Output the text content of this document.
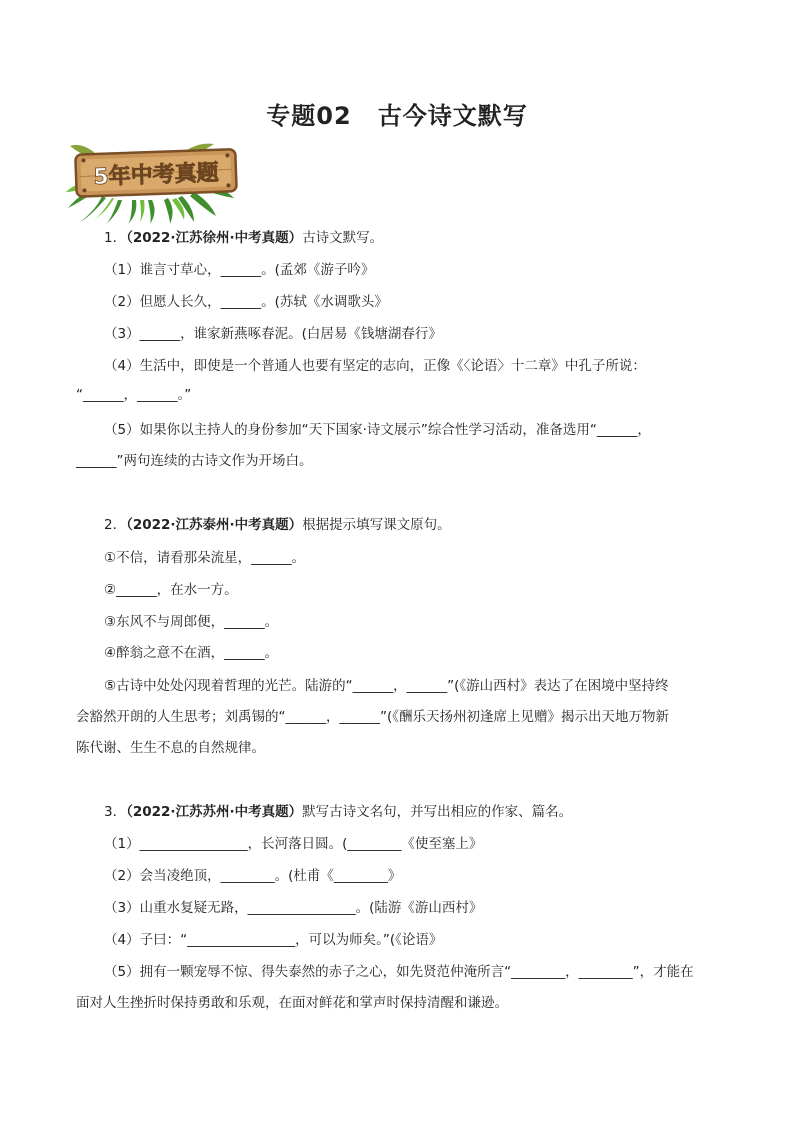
专题02 古今诗文默写
5年中考真题
1．（2022·江苏徐州·中考真题）古诗文默写。
（1）谁言寸草心，______。(孟郊《游子吟》
（2）但愿人长久，______。(苏轼《水调歌头》
（3）______，谁家新燕啄春泥。(白居易《钱塘湖春行》
（4）生活中，即使是一个普通人也要有坚定的志向，正像《〈论语〉十二章》中孔子所说：
“______，______。”
（5）如果你以主持人的身份参加“天下国家·诗文展示”综合性学习活动，准备选用“______，
______”两句连续的古诗文作为开场白。
2．（2022·江苏泰州·中考真题）根据提示填写课文原句。
①不信，请看那朵流星，______。
②______，在水一方。
③东风不与周郎便，______。
④醉翁之意不在酒，______。
⑤古诗中处处闪现着哲理的光芒。陆游的“______，______”(《游山西村》表达了在困境中坚持终
会豁然开朗的人生思考；刘禹锡的“______，______”(《酬乐天扬州初逢席上见赠》揭示出天地万物新
陈代谢、生生不息的自然规律。
3．（2022·江苏苏州·中考真题）默写古诗文名句，并写出相应的作家、篇名。
（1）________________，长河落日圆。(________《使至塞上》
（2）会当凌绝顶，________。(杜甫《________》
（3）山重水复疑无路，________________。(陆游《游山西村》
（4）子曰：“________________，可以为师矣。”(《论语》
（5）拥有一颗宠辱不惊、得失泰然的赤子之心，如先贤范仲淹所言“________，________”，才能在
面对人生挫折时保持勇敢和乐观，在面对鲜花和掌声时保持清醒和谦逊。
